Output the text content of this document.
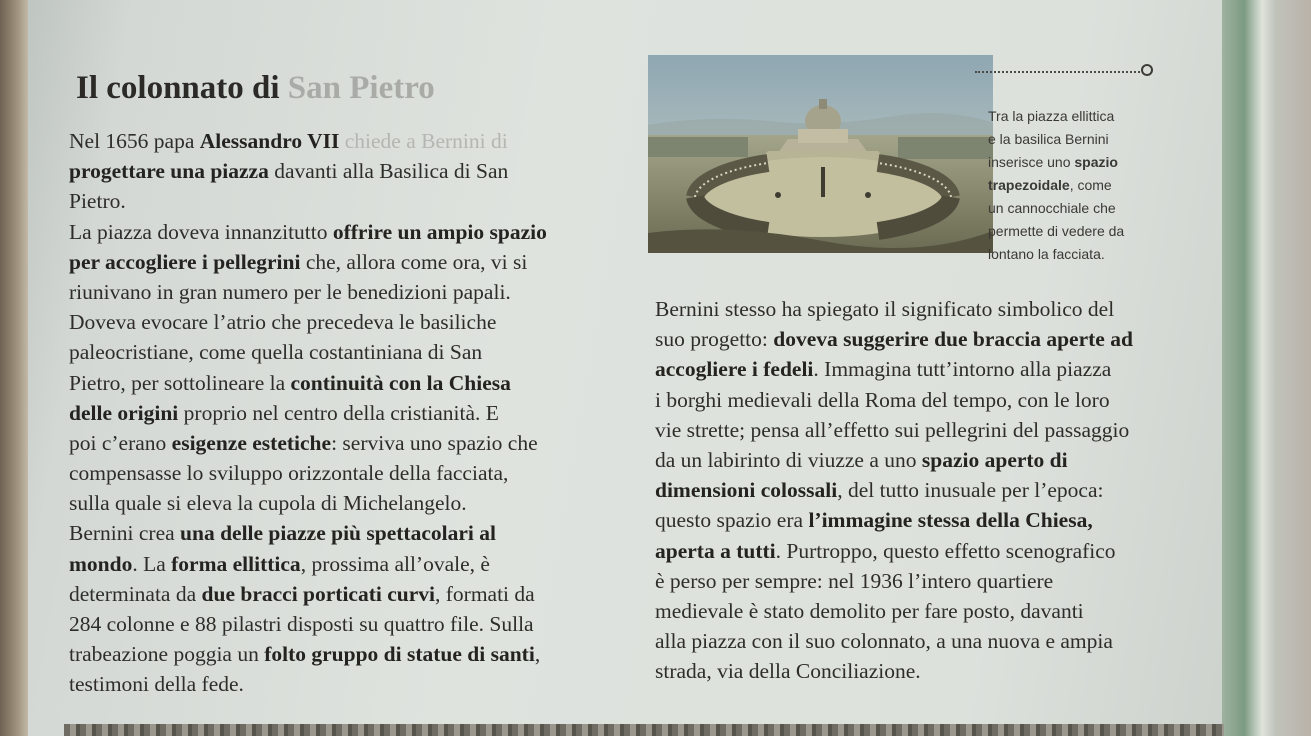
Il colonnato di San Pietro
Nel 1656 papa Alessandro VII chiede a Bernini di
progettare una piazza davanti alla Basilica di San
Pietro.
La piazza doveva innanzitutto offrire un ampio spazio
per accogliere i pellegrini che, allora come ora, vi si
riunivano in gran numero per le benedizioni papali.
Doveva evocare l’atrio che precedeva le basiliche
paleocristiane, come quella costantiniana di San
Pietro, per sottolineare la continuità con la Chiesa
delle origini proprio nel centro della cristianità. E
poi c’erano esigenze estetiche: serviva uno spazio che
compensasse lo sviluppo orizzontale della facciata,
sulla quale si eleva la cupola di Michelangelo.
Bernini crea una delle piazze più spettacolari al
mondo. La forma ellittica, prossima all’ovale, è
determinata da due bracci porticati curvi, formati da
284 colonne e 88 pilastri disposti su quattro file. Sulla
trabeazione poggia un folto gruppo di statue di santi,
testimoni della fede.
Bernini stesso ha spiegato il significato simbolico del
suo progetto: doveva suggerire due braccia aperte ad
accogliere i fedeli. Immagina tutt’intorno alla piazza
i borghi medievali della Roma del tempo, con le loro
vie strette; pensa all’effetto sui pellegrini del passaggio
da un labirinto di viuzze a uno spazio aperto di
dimensioni colossali, del tutto inusuale per l’epoca:
questo spazio era l’immagine stessa della Chiesa,
aperta a tutti. Purtroppo, questo effetto scenografico
è perso per sempre: nel 1936 l’intero quartiere
medievale è stato demolito per fare posto, davanti
alla piazza con il suo colonnato, a una nuova e ampia
strada, via della Conciliazione.
Tra la piazza ellittica
e la basilica Bernini
inserisce uno spazio
trapezoidale, come
un cannocchiale che
permette di vedere da
lontano la facciata.
